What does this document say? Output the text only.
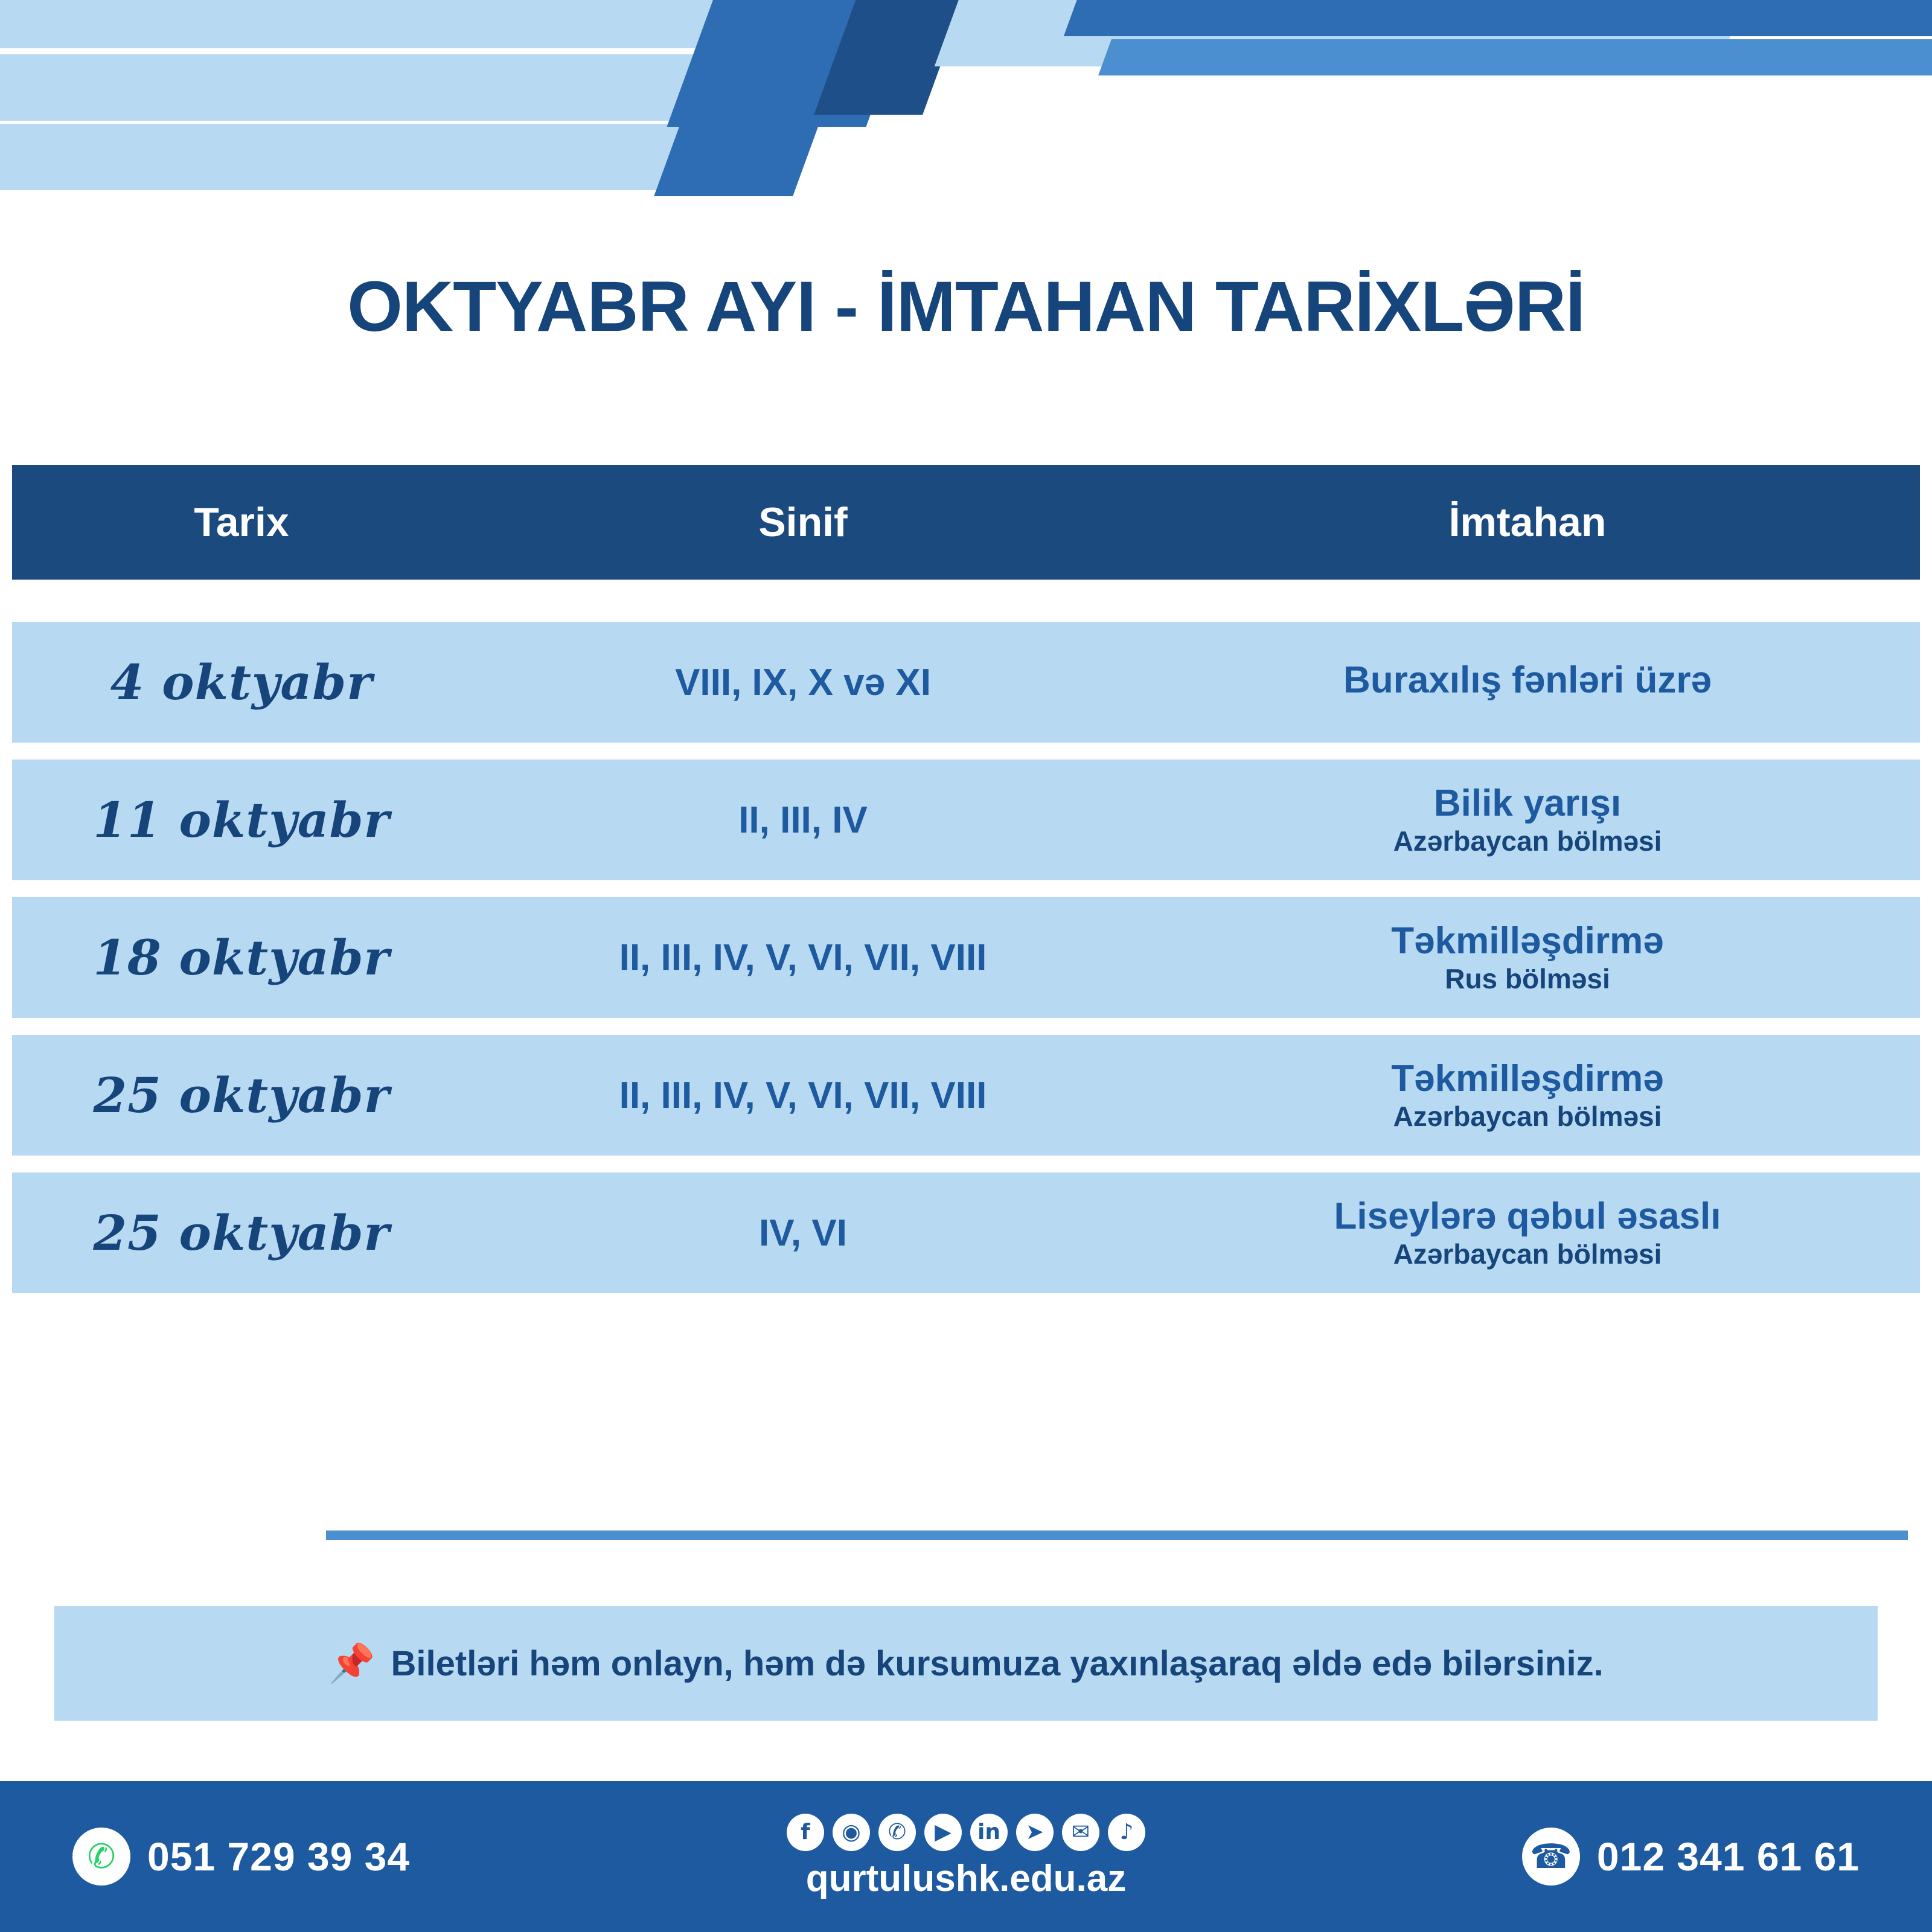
OKTYABR AYI - İMTAHAN TARİXLƏRİ
Tarix	Sinif	İmtahan
4 oktyabr	VIII, IX, X və XI	Buraxılış fənləri üzrə
11 oktyabr	II, III, IV	Bilik yarışı
Azərbaycan bölməsi
18 oktyabr	II, III, IV, V, VI, VII, VIII	Təkmilləşdirmə
Rus bölməsi
25 oktyabr	II, III, IV, V, VI, VII, VIII	Təkmilləşdirmə
Azərbaycan bölməsi
25 oktyabr	IV, VI	Liseylərə qəbul əsaslı
Azərbaycan bölməsi
📌 Biletləri həm onlayn, həm də kursumuza yaxınlaşaraq əldə edə bilərsiniz.
✆ 051 729 39 34
f	◉	✆	▶	in	➤	✉	♪
qurtulushk.edu.az
☎ 012 341 61 61
